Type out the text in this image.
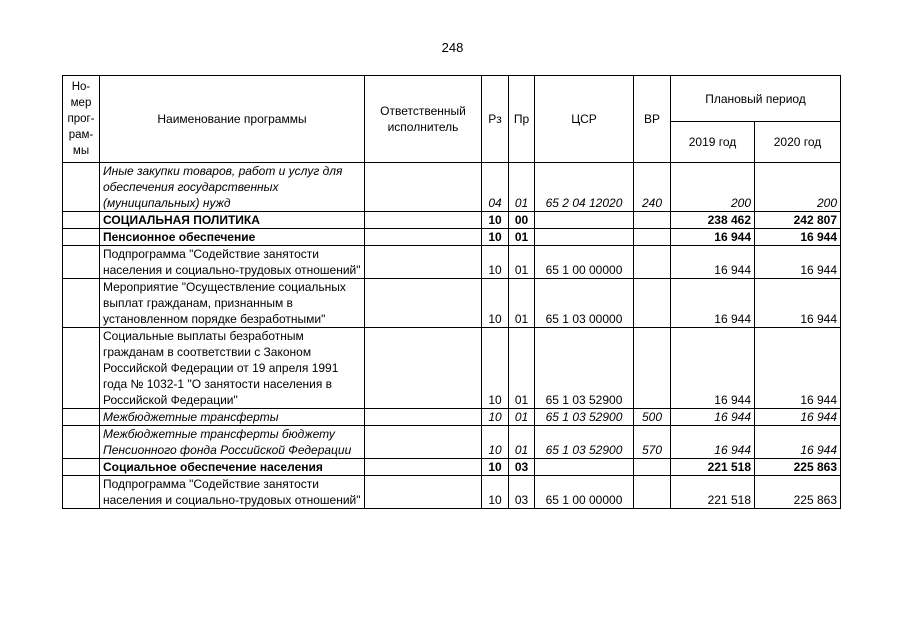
248
Но-мер прог-рам-мы	Наименование программы	Ответственный исполнитель	Рз	Пр	ЦСР	ВР	Плановый период	
							2019 год	2020 год
	Иные закупки товаров, работ и услуг для обеспечения государственных (муниципальных) нужд		04	01	65 2 04 12020	240	200	200
	СОЦИАЛЬНАЯ ПОЛИТИКА		10	00			238 462	242 807
	Пенсионное обеспечение		10	01			16 944	16 944
	Подпрограмма "Содействие занятости населения и социально-трудовых отношений"		10	01	65 1 00 00000		16 944	16 944
	Мероприятие "Осуществление социальных выплат гражданам, признанным в установленном порядке безработными"		10	01	65 1 03 00000		16 944	16 944
	Социальные выплаты безработным гражданам в соответствии с Законом Российской Федерации от 19 апреля 1991 года № 1032-1 "О занятости населения в Российской Федерации"		10	01	65 1 03 52900		16 944	16 944
	Межбюджетные трансферты		10	01	65 1 03 52900	500	16 944	16 944
	Межбюджетные трансферты бюджету Пенсионного фонда Российской Федерации		10	01	65 1 03 52900	570	16 944	16 944
	Социальное обеспечение населения		10	03			221 518	225 863
	Подпрограмма "Содействие занятости населения и социально-трудовых отношений"		10	03	65 1 00 00000		221 518	225 863
